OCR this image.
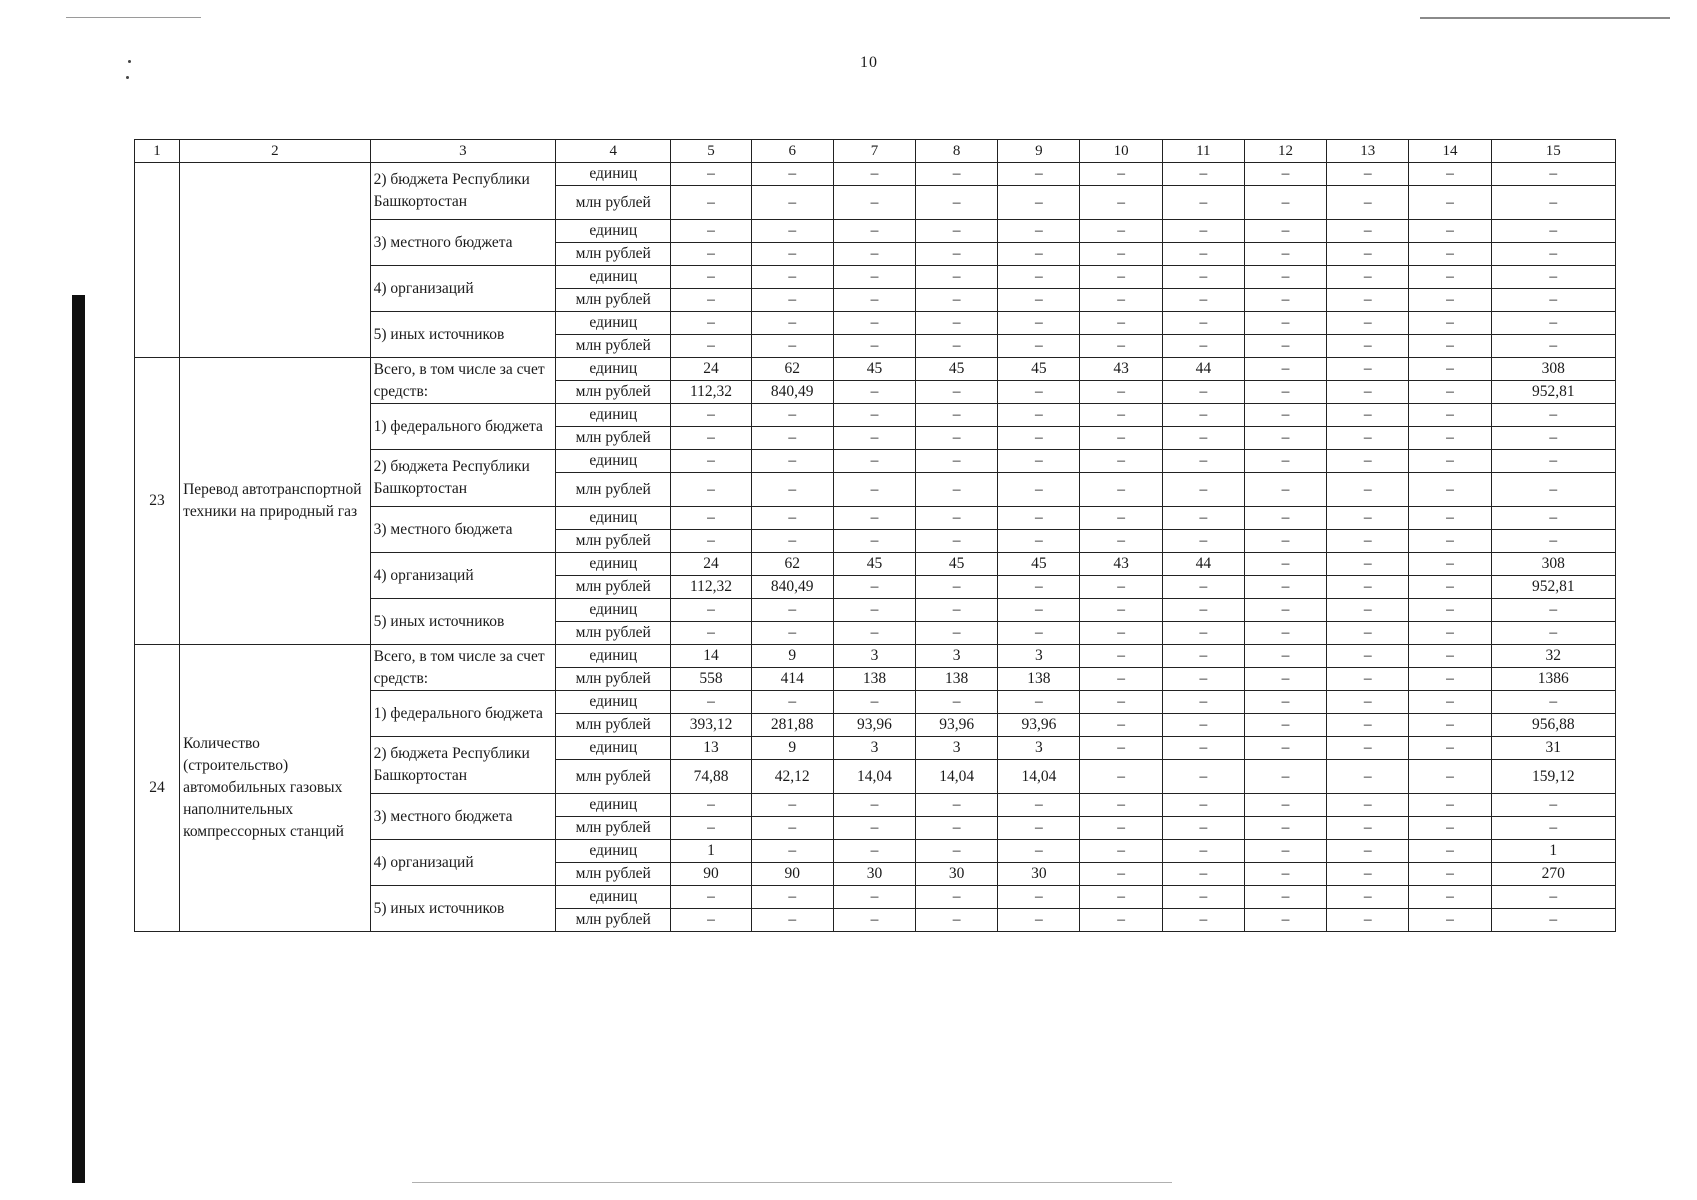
10
1	2	3	4	5	6	7	8	9	10	11	12	13	14	15
		2) бюджета Республики Башкортостан	единиц	–	–	–	–	–	–	–	–	–	–	–
			млн рублей	–	–	–	–	–	–	–	–	–	–	–
		3) местного бюджета	единиц	–	–	–	–	–	–	–	–	–	–	–
			млн рублей	–	–	–	–	–	–	–	–	–	–	–
		4) организаций	единиц	–	–	–	–	–	–	–	–	–	–	–
			млн рублей	–	–	–	–	–	–	–	–	–	–	–
		5) иных источников	единиц	–	–	–	–	–	–	–	–	–	–	–
			млн рублей	–	–	–	–	–	–	–	–	–	–	–
23	Перевод автотранспортной техники на природный газ	Всего, в том числе за счет средств:	единиц	24	62	45	45	45	43	44	–	–	–	308
			млн рублей	112,32	840,49	–	–	–	–	–	–	–	–	952,81
		1) федерального бюджета	единиц	–	–	–	–	–	–	–	–	–	–	–
			млн рублей	–	–	–	–	–	–	–	–	–	–	–
		2) бюджета Республики Башкортостан	единиц	–	–	–	–	–	–	–	–	–	–	–
			млн рублей	–	–	–	–	–	–	–	–	–	–	–
		3) местного бюджета	единиц	–	–	–	–	–	–	–	–	–	–	–
			млн рублей	–	–	–	–	–	–	–	–	–	–	–
		4) организаций	единиц	24	62	45	45	45	43	44	–	–	–	308
			млн рублей	112,32	840,49	–	–	–	–	–	–	–	–	952,81
		5) иных источников	единиц	–	–	–	–	–	–	–	–	–	–	–
			млн рублей	–	–	–	–	–	–	–	–	–	–	–
24	Количество (строительство) автомобильных газовых наполнительных компрессорных станций	Всего, в том числе за счет средств:	единиц	14	9	3	3	3	–	–	–	–	–	32
			млн рублей	558	414	138	138	138	–	–	–	–	–	1386
		1) федерального бюджета	единиц	–	–	–	–	–	–	–	–	–	–	–
			млн рублей	393,12	281,88	93,96	93,96	93,96	–	–	–	–	–	956,88
		2) бюджета Республики Башкортостан	единиц	13	9	3	3	3	–	–	–	–	–	31
			млн рублей	74,88	42,12	14,04	14,04	14,04	–	–	–	–	–	159,12
		3) местного бюджета	единиц	–	–	–	–	–	–	–	–	–	–	–
			млн рублей	–	–	–	–	–	–	–	–	–	–	–
		4) организаций	единиц	1	–	–	–	–	–	–	–	–	–	1
			млн рублей	90	90	30	30	30	–	–	–	–	–	270
		5) иных источников	единиц	–	–	–	–	–	–	–	–	–	–	–
			млн рублей	–	–	–	–	–	–	–	–	–	–	–
